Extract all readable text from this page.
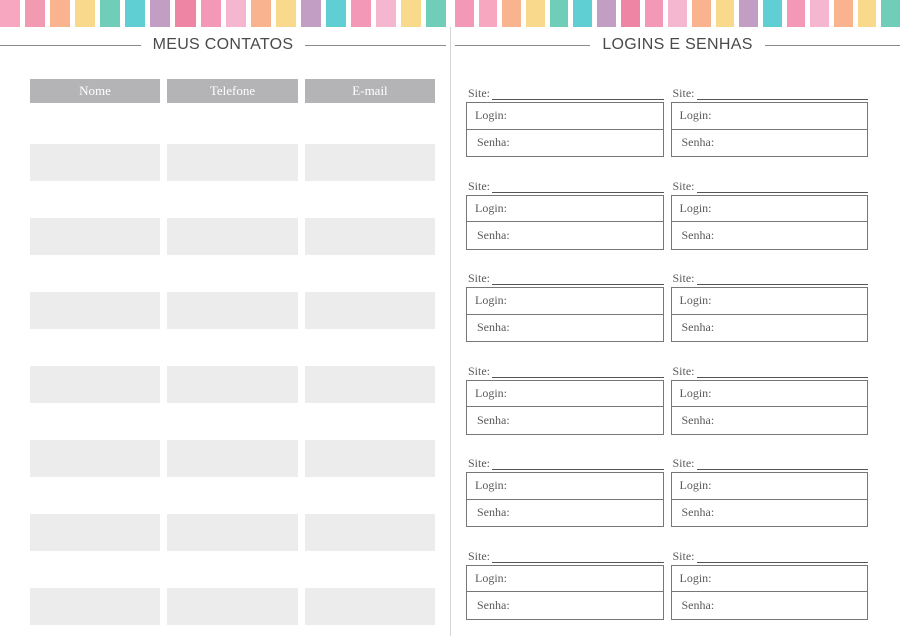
MEUS CONTATOS	LOGINS E SENHAS
Nome	Telefone	E-mail	Site:
Login:
Senha:
Site:
Login:
Senha:
Site:
Login:
Senha:
Site:
Login:
Senha:
Site:
Login:
Senha:
Site:
Login:
Senha:
Site:
Login:
Senha:
Site:
Login:
Senha:
Site:
Login:
Senha:
Site:
Login:
Senha:
Site:
Login:
Senha:
Site:
Login:
Senha:
